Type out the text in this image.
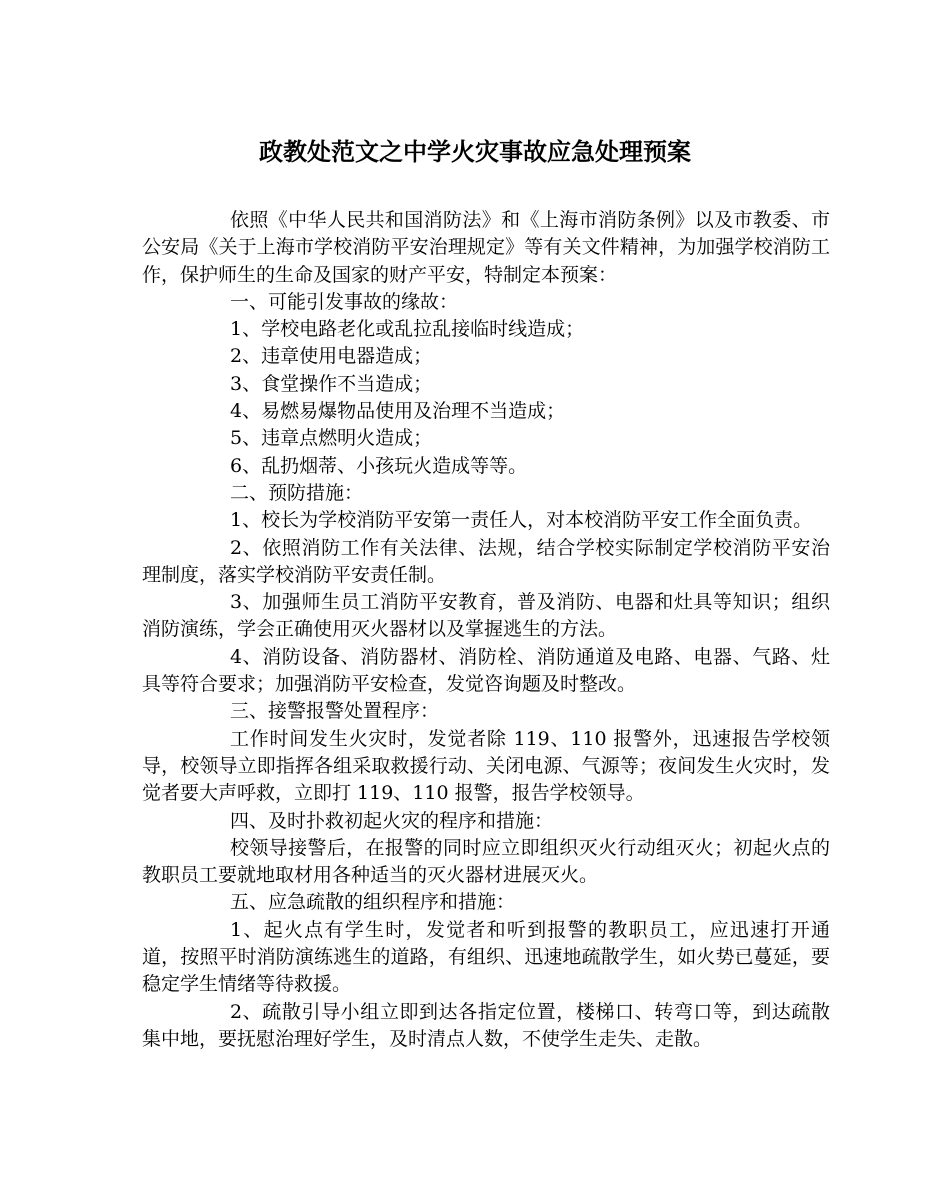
政教处范文之中学火灾事故应急处理预案

依照《中华人民共和国消防法》和《上海市消防条例》以及市教委、市公安局《关于上海市学校消防平安治理规定》等有关文件精神，为加强学校消防工作，保护师生的生命及国家的财产平安，特制定本预案：

一、可能引发事故的缘故：

1、学校电路老化或乱拉乱接临时线造成；

2、违章使用电器造成；

3、食堂操作不当造成；

4、易燃易爆物品使用及治理不当造成；

5、违章点燃明火造成；

6、乱扔烟蒂、小孩玩火造成等等。

二、预防措施：

1、校长为学校消防平安第一责任人，对本校消防平安工作全面负责。

2、依照消防工作有关法律、法规，结合学校实际制定学校消防平安治理制度，落实学校消防平安责任制。

3、加强师生员工消防平安教育，普及消防、电器和灶具等知识；组织消防演练，学会正确使用灭火器材以及掌握逃生的方法。

4、消防设备、消防器材、消防栓、消防通道及电路、电器、气路、灶具等符合要求；加强消防平安检查，发觉咨询题及时整改。

三、接警报警处置程序：

工作时间发生火灾时，发觉者除 119、110 报警外，迅速报告学校领导，校领导立即指挥各组采取救援行动、关闭电源、气源等；夜间发生火灾时，发觉者要大声呼救，立即打 119、110 报警，报告学校领导。

四、及时扑救初起火灾的程序和措施：

校领导接警后，在报警的同时应立即组织灭火行动组灭火；初起火点的教职员工要就地取材用各种适当的灭火器材进展灭火。

五、应急疏散的组织程序和措施：

1、起火点有学生时，发觉者和听到报警的教职员工，应迅速打开通道，按照平时消防演练逃生的道路，有组织、迅速地疏散学生，如火势已蔓延，要稳定学生情绪等待救援。

2、疏散引导小组立即到达各指定位置，楼梯口、转弯口等，到达疏散集中地，要抚慰治理好学生，及时清点人数，不使学生走失、走散。
